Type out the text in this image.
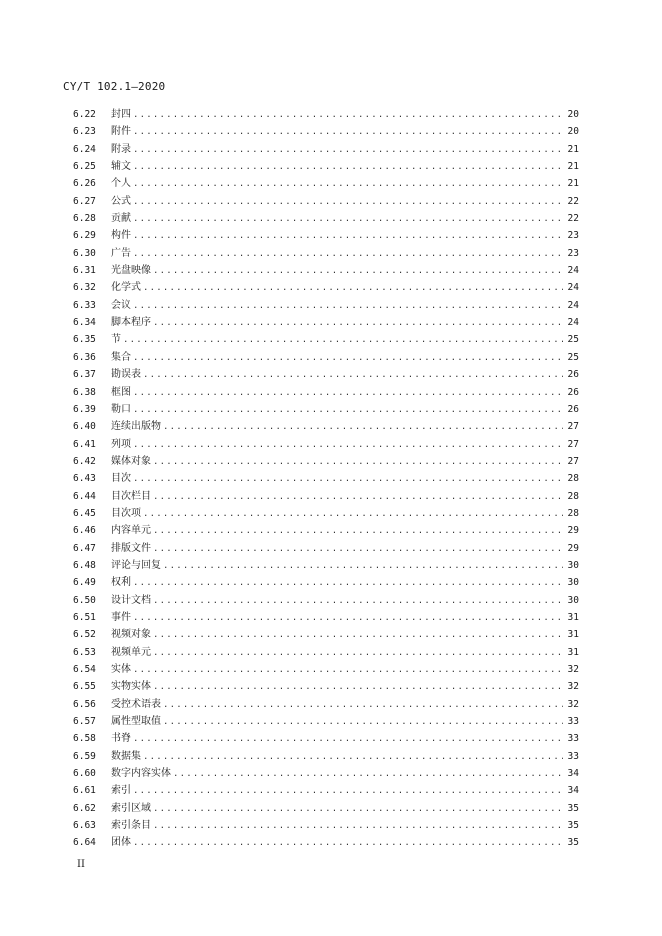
CY/T 102.1—2020
6.22	封四 .....	20
6.23	附件 .....	20
6.24	附录 .....	21
6.25	辅文 .....	21
6.26	个人 .....	21
6.27	公式 .....	22
6.28	贡献 .....	22
6.29	构件 .....	23
6.30	广告 .....	23
6.31	光盘映像 .....	24
6.32	化学式 .....	24
6.33	会议 .....	24
6.34	脚本程序 .....	24
6.35	节 .....	25
6.36	集合 .....	25
6.37	勘误表 .....	26
6.38	框图 .....	26
6.39	勒口 .....	26
6.40	连续出版物 .....	27
6.41	列项 .....	27
6.42	媒体对象 .....	27
6.43	目次 .....	28
6.44	目次栏目 .....	28
6.45	目次项 .....	28
6.46	内容单元 .....	29
6.47	排版文件 .....	29
6.48	评论与回复 .....	30
6.49	权利 .....	30
6.50	设计文档 .....	30
6.51	事件 .....	31
6.52	视频对象 .....	31
6.53	视频单元 .....	31
6.54	实体 .....	32
6.55	实物实体 .....	32
6.56	受控术语表 .....	32
6.57	属性型取值 .....	33
6.58	书脊 .....	33
6.59	数据集 .....	33
6.60	数字内容实体 .....	34
6.61	索引 .....	34
6.62	索引区域 .....	35
6.63	索引条目 .....	35
6.64	团体 .....	35
II
